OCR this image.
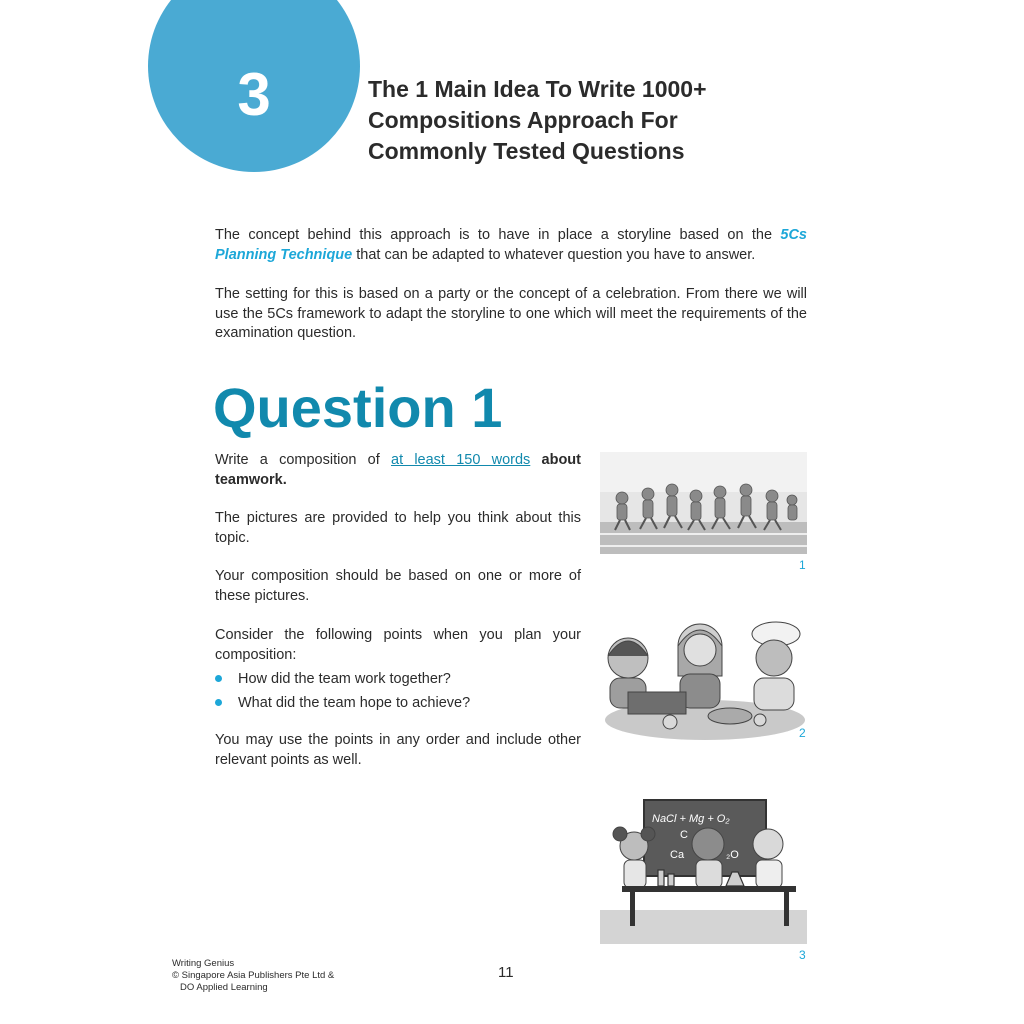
3	The 1 Main Idea To Write 1000+
Compositions Approach For
Commonly Tested Questions

The concept behind this approach is to have in place a storyline based on the 5Cs Planning Technique that can be adapted to whatever question you have to answer.

The setting for this is based on a party or the concept of a celebration. From there we will use the 5Cs framework to adapt the storyline to one which will meet the requirements of the examination question.

Question 1

Write a composition of at least 150 words about teamwork.

The pictures are provided to help you think about this topic.

Your composition should be based on one or more of these pictures.

Consider the following points when you plan your composition:

How did the team work together?
What did the team hope to achieve?

You may use the points in any order and include other relevant points as well.

1
2
NaCl + Mg + O₂
C
Ca	₂O
3
Writing Genius
© Singapore Asia Publishers Pte Ltd &
DO Applied Learning
11
